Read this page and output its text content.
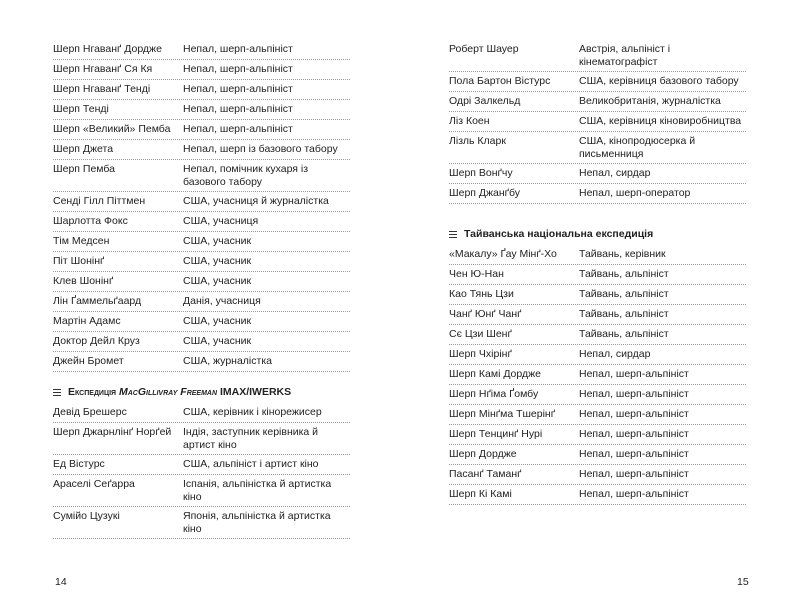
Шерп Нгаванґ Дордже	Непал, шерп-альпініст
Шерп Нгаванґ Ся Кя	Непал, шерп-альпініст
Шерп Нгаванґ Тенді	Непал, шерп-альпініст
Шерп Тенді	Непал, шерп-альпініст
Шерп «Великий» Пемба	Непал, шерп-альпініст
Шерп Джета	Непал, шерп із базового табору
Шерп Пемба	Непал, помічник кухаря із базового табору
Сенді Гілл Піттмен	США, учасниця й журналістка
Шарлотта Фокс	США, учасниця
Тім Медсен	США, учасник
Піт Шонінґ	США, учасник
Клев Шонінґ	США, учасник
Лін Ґаммельґаард	Данія, учасниця
Мартін Адамс	США, учасник
Доктор Дейл Круз	США, учасник
Джейн Бромет	США, журналістка
Експедиція MacGillivray Freeman IMAX/IWERKS
Девід Брешерс	США, керівник і кінорежисер
Шерп Джарнлінґ Норґей	Індія, заступник керівника й артист кіно
Ед Вістурс	США, альпініст і артист кіно
Араселі Сеґарра	Іспанія, альпіністка й артистка кіно
Сумійо Цузукі	Японія, альпіністка й артистка кіно
14	15
Роберт Шауер	Австрія, альпініст і кінематографіст
Пола Бартон Вістурс	США, керівниця базового табору
Одрі Залкельд	Великобританія, журналістка
Ліз Коен	США, керівниця кіновиробництва
Лізль Кларк	США, кінопродюсерка й письменниця
Шерп Вонґчу	Непал, сирдар
Шерп Джанґбу	Непал, шерп-оператор
Тайванська національна експедиція
«Макалу» Ґау Мінґ-Хо	Тайвань, керівник
Чен Ю-Нан	Тайвань, альпініст
Као Тянь Цзи	Тайвань, альпініст
Чанґ Юнґ Чанґ	Тайвань, альпініст
Сє Цзи Шенґ	Тайвань, альпініст
Шерп Чхірінґ	Непал, сирдар
Шерп Камі Дордже	Непал, шерп-альпініст
Шерп Нґіма Ґомбу	Непал, шерп-альпініст
Шерп Мінґма Тшерінґ	Непал, шерп-альпініст
Шерп Тенцинґ Нурі	Непал, шерп-альпініст
Шерп Дордже	Непал, шерп-альпініст
Пасанґ Таманґ	Непал, шерп-альпініст
Шерп Кі Камі	Непал, шерп-альпініст
